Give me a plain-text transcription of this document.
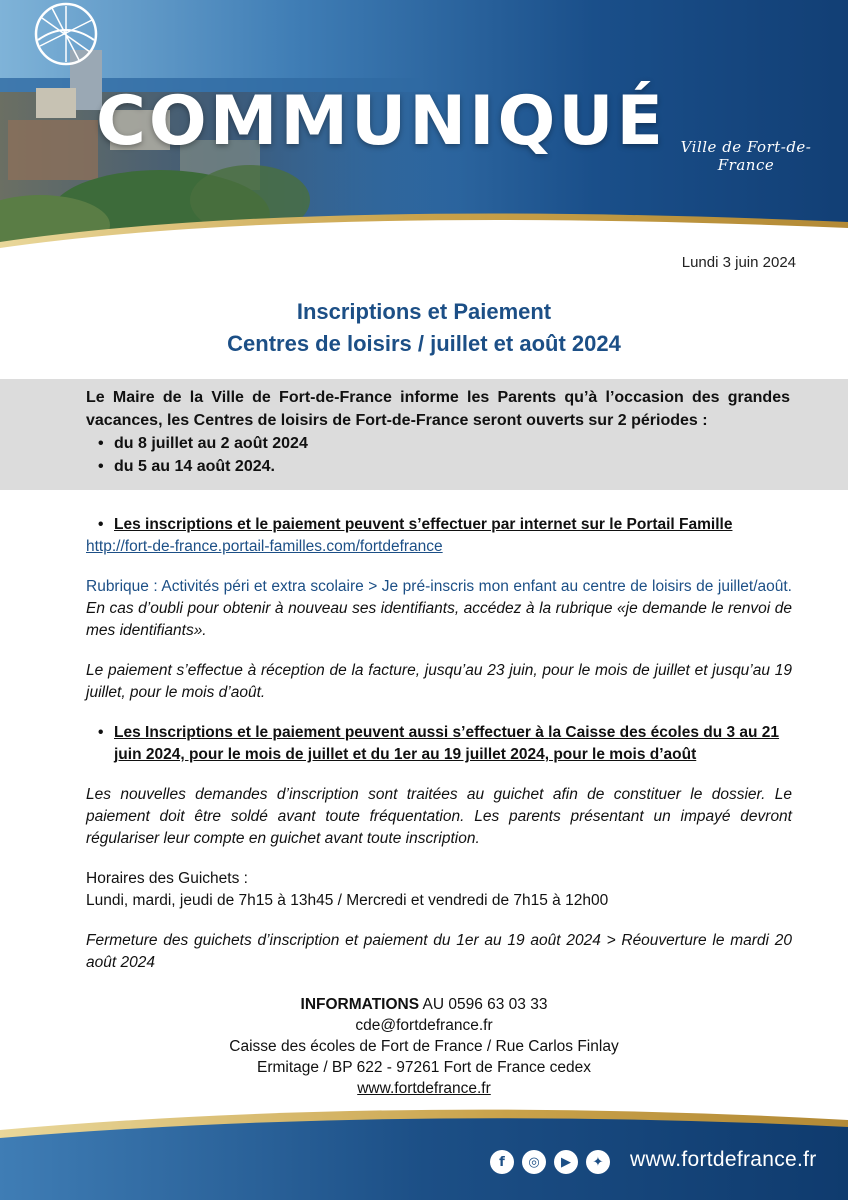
COMMUNIQUÉ Ville de Fort-de-France
Lundi 3 juin 2024
Inscriptions et Paiement
Centres de loisirs / juillet et août 2024

Le Maire de la Ville de Fort-de-France informe les Parents qu’à l’occasion des grandes vacances, les Centres de loisirs de Fort-de-France seront ouverts sur 2 périodes :

• du 8 juillet au 2 août 2024
• du 5 au 14 août 2024.
• Les inscriptions et le paiement peuvent s’effectuer par internet sur le Portail Famille
http://fort-de-france.portail-familles.com/fortdefrance

Rubrique : Activités péri et extra scolaire > Je pré-inscris mon enfant au centre de loisirs de juillet/août. En cas d’oubli pour obtenir à nouveau ses identifiants, accédez à la rubrique «je demande le renvoi de mes identifiants».

Le paiement s’effectue à réception de la facture, jusqu’au 23 juin, pour le mois de juillet et jusqu’au 19 juillet, pour le mois d’août.

• Les Inscriptions et le paiement peuvent aussi s’effectuer à la Caisse des écoles du 3 au 21 juin 2024, pour le mois de juillet et du 1er au 19 juillet 2024, pour le mois d’août

Les nouvelles demandes d’inscription sont traitées au guichet afin de constituer le dossier. Le paiement doit être soldé avant toute fréquentation. Les parents présentant un impayé devront régulariser leur compte en guichet avant toute inscription.

Horaires des Guichets :
Lundi, mardi, jeudi de 7h15 à 13h45 / Mercredi et vendredi de 7h15 à 12h00

Fermeture des guichets d’inscription et paiement du 1er au 19 août 2024 > Réouverture le mardi 20 août 2024

INFORMATIONS AU 0596 63 03 33
cde@fortdefrance.fr
Caisse des écoles de Fort de France / Rue Carlos Finlay
Ermitage / BP 622 - 97261 Fort de France cedex
www.fortdefrance.fr
f	◎	▶	✦	www.fortdefrance.fr
